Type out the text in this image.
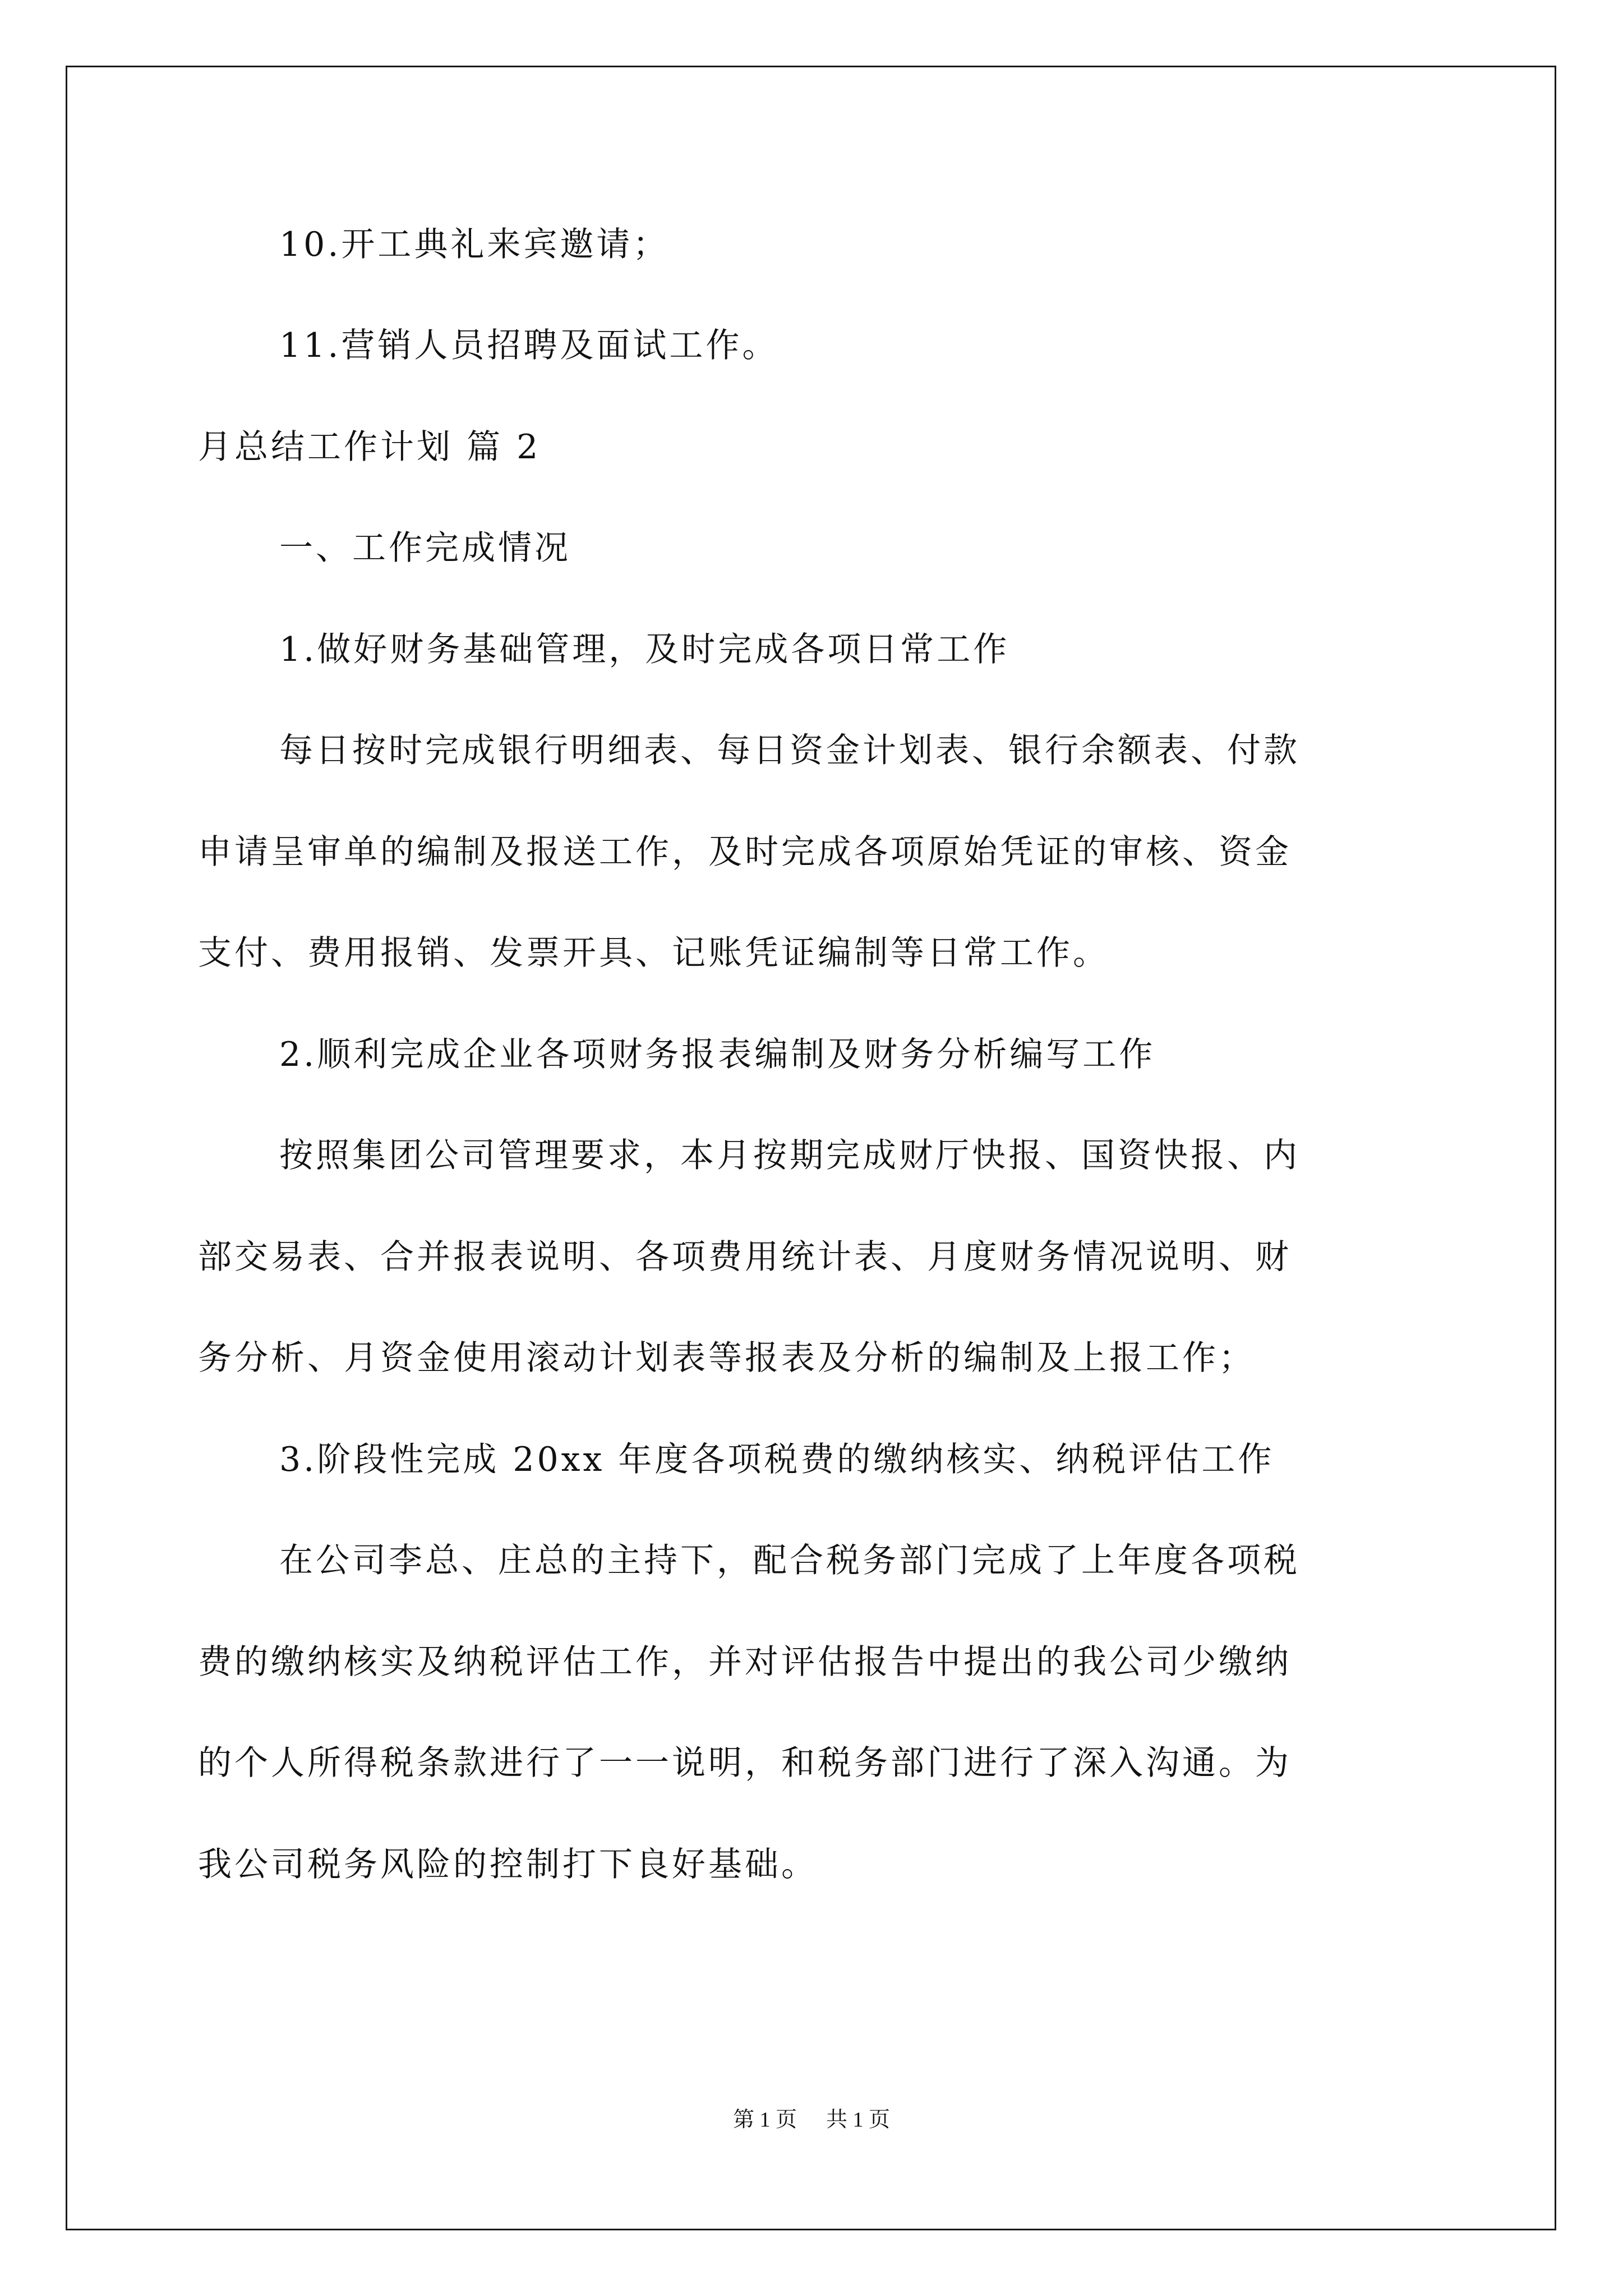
10.开工典礼来宾邀请；

11.营销人员招聘及面试工作。

月总结工作计划 篇 2

一、工作完成情况

1.做好财务基础管理，及时完成各项日常工作

每日按时完成银行明细表、每日资金计划表、银行余额表、付款

申请呈审单的编制及报送工作，及时完成各项原始凭证的审核、资金

支付、费用报销、发票开具、记账凭证编制等日常工作。

2.顺利完成企业各项财务报表编制及财务分析编写工作

按照集团公司管理要求，本月按期完成财厅快报、国资快报、内

部交易表、合并报表说明、各项费用统计表、月度财务情况说明、财

务分析、月资金使用滚动计划表等报表及分析的编制及上报工作；

3.阶段性完成 20xx 年度各项税费的缴纳核实、纳税评估工作

在公司李总、庄总的主持下，配合税务部门完成了上年度各项税

费的缴纳核实及纳税评估工作，并对评估报告中提出的我公司少缴纳

的个人所得税条款进行了一一说明，和税务部门进行了深入沟通。为

我公司税务风险的控制打下良好基础。

第 1 页 共 1 页
